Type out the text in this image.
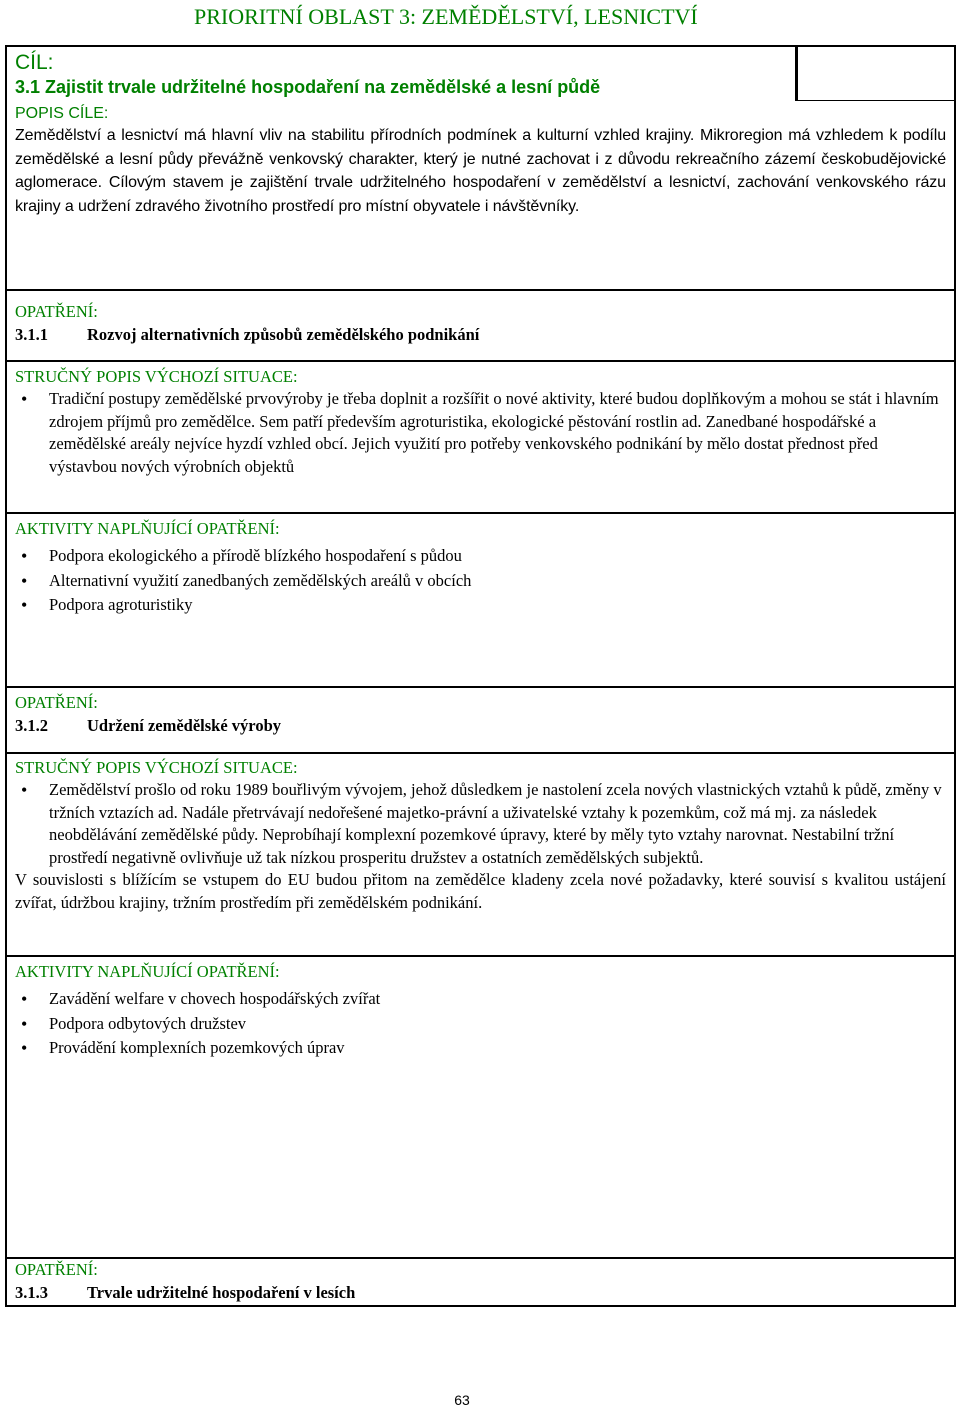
PRIORITNÍ OBLAST 3: ZEMĚDĚLSTVÍ, LESNICTVÍ
CÍL:
3.1 Zajistit trvale udržitelné hospodaření na zemědělské a lesní půdě
POPIS CÍLE:

Zemědělství a lesnictví má hlavní vliv na stabilitu přírodních podmínek a kulturní vzhled krajiny. Mikroregion má vzhledem k podílu zemědělské a lesní půdy převážně venkovský charakter, který je nutné zachovat i z důvodu rekreačního zázemí českobudějovické aglomerace. Cílovým stavem je zajištění trvale udržitelného hospodaření v zemědělství a lesnictví, zachování venkovského rázu krajiny a udržení zdravého životního prostředí pro místní obyvatele i návštěvníky.

OPATŘENÍ:
3.1.1 Rozvoj alternativních způsobů zemědělského podnikání
STRUČNÝ POPIS VÝCHOZÍ SITUACE:
• Tradiční postupy zemědělské prvovýroby je třeba doplnit a rozšířit o nové aktivity, které budou doplňkovým a mohou se stát i hlavním zdrojem příjmů pro zemědělce. Sem patří především agroturistika, ekologické pěstování rostlin ad. Zanedbané hospodářské a zemědělské areály nejvíce hyzdí vzhled obcí. Jejich využití pro potřeby venkovského podnikání by mělo dostat přednost před výstavbou nových výrobních objektů
AKTIVITY NAPLŇUJÍCÍ OPATŘENÍ:
• Podpora ekologického a přírodě blízkého hospodaření s půdou
• Alternativní využití zanedbaných zemědělských areálů v obcích
• Podpora agroturistiky
OPATŘENÍ:
3.1.2 Udržení zemědělské výroby
STRUČNÝ POPIS VÝCHOZÍ SITUACE:
• Zemědělství prošlo od roku 1989 bouřlivým vývojem, jehož důsledkem je nastolení zcela nových vlastnických vztahů k půdě, změny v tržních vztazích ad. Nadále přetrvávají nedořešené majetko-právní a uživatelské vztahy k pozemkům, což má mj. za následek neobdělávání zemědělské půdy. Neprobíhají komplexní pozemkové úpravy, které by měly tyto vztahy narovnat. Nestabilní tržní prostředí negativně ovlivňuje už tak nízkou prosperitu družstev a ostatních zemědělských subjektů.

V souvislosti s blížícím se vstupem do EU budou přitom na zemědělce kladeny zcela nové požadavky, které souvisí s kvalitou ustájení zvířat, údržbou krajiny, tržním prostředím při zemědělském podnikání.

AKTIVITY NAPLŇUJÍCÍ OPATŘENÍ:
• Zavádění welfare v chovech hospodářských zvířat
• Podpora odbytových družstev
• Provádění komplexních pozemkových úprav
OPATŘENÍ:
3.1.3 Trvale udržitelné hospodaření v lesích
63
